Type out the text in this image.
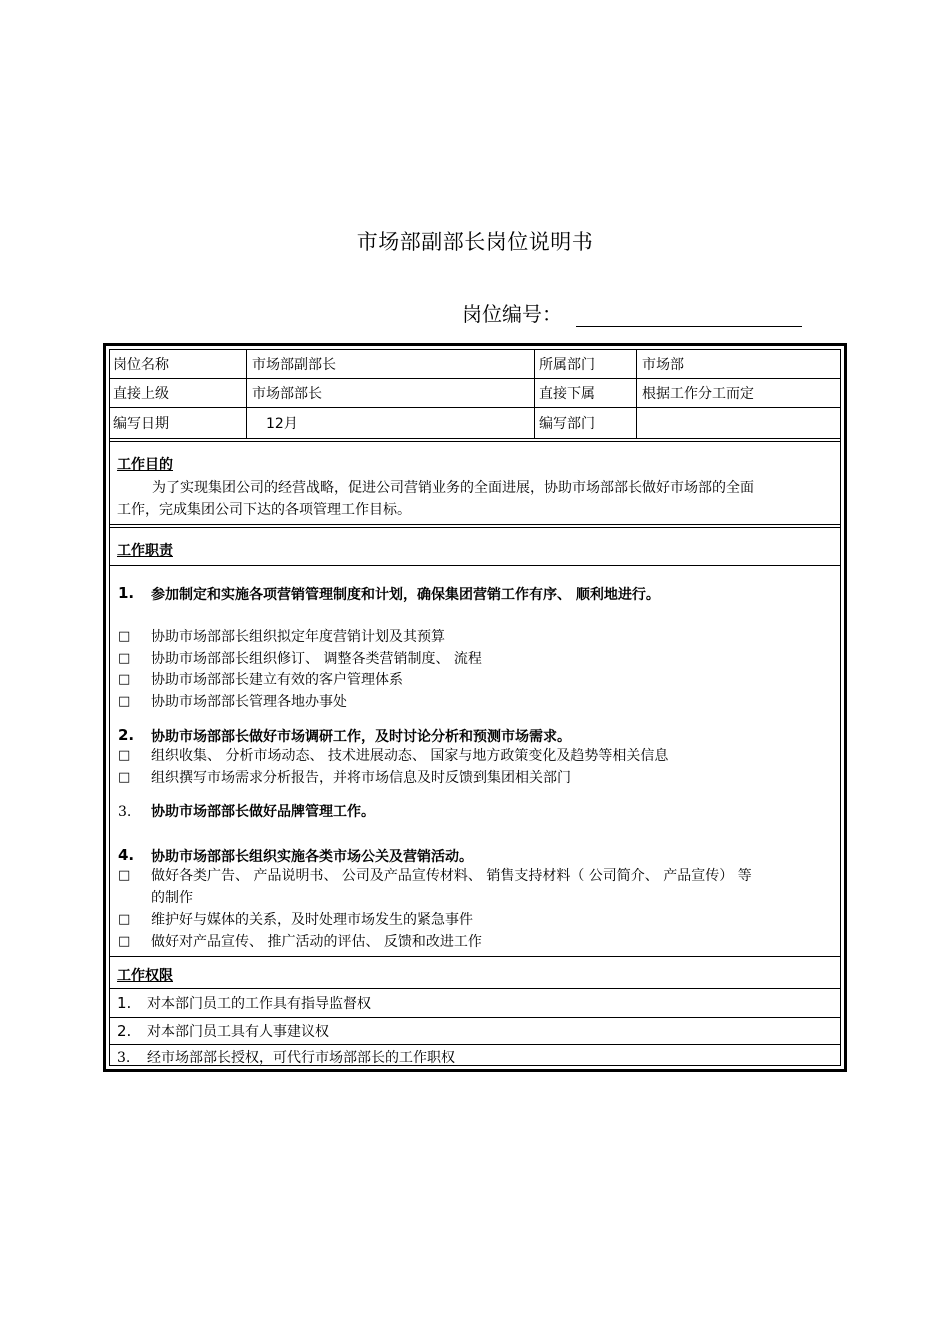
市场部副部长岗位说明书
岗位编号：
岗位名称	市场部副部长	所属部门	市场部
直接上级	市场部部长	直接下属	根据工作分工而定
编写日期	12月	编写部门
工作目的
为了实现集团公司的经营战略，促进公司营销业务的全面进展，协助市场部部长做好市场部的全面
工作，完成集团公司下达的各项管理工作目标。
工作职责
1. 参加制定和实施各项营销管理制度和计划，确保集团营销工作有序、 顺利地进行。
□ 协助市场部部长组织拟定年度营销计划及其预算
□ 协助市场部部长组织修订、 调整各类营销制度、 流程
□ 协助市场部部长建立有效的客户管理体系
□ 协助市场部部长管理各地办事处
2. 协助市场部部长做好市场调研工作，及时讨论分析和预测市场需求。
□ 组织收集、 分析市场动态、 技术进展动态、 国家与地方政策变化及趋势等相关信息
□ 组织撰写市场需求分析报告，并将市场信息及时反馈到集团相关部门
3. 协助市场部部长做好品牌管理工作。
4. 协助市场部部长组织实施各类市场公关及营销活动。
□ 做好各类广告、 产品说明书、 公司及产品宣传材料、 销售支持材料（ 公司简介、 产品宣传） 等
的制作
□ 维护好与媒体的关系，及时处理市场发生的紧急事件
□ 做好对产品宣传、 推广活动的评估、 反馈和改进工作
工作权限
1. 对本部门员工的工作具有指导监督权
2. 对本部门员工具有人事建议权
3. 经市场部部长授权，可代行市场部部长的工作职权
